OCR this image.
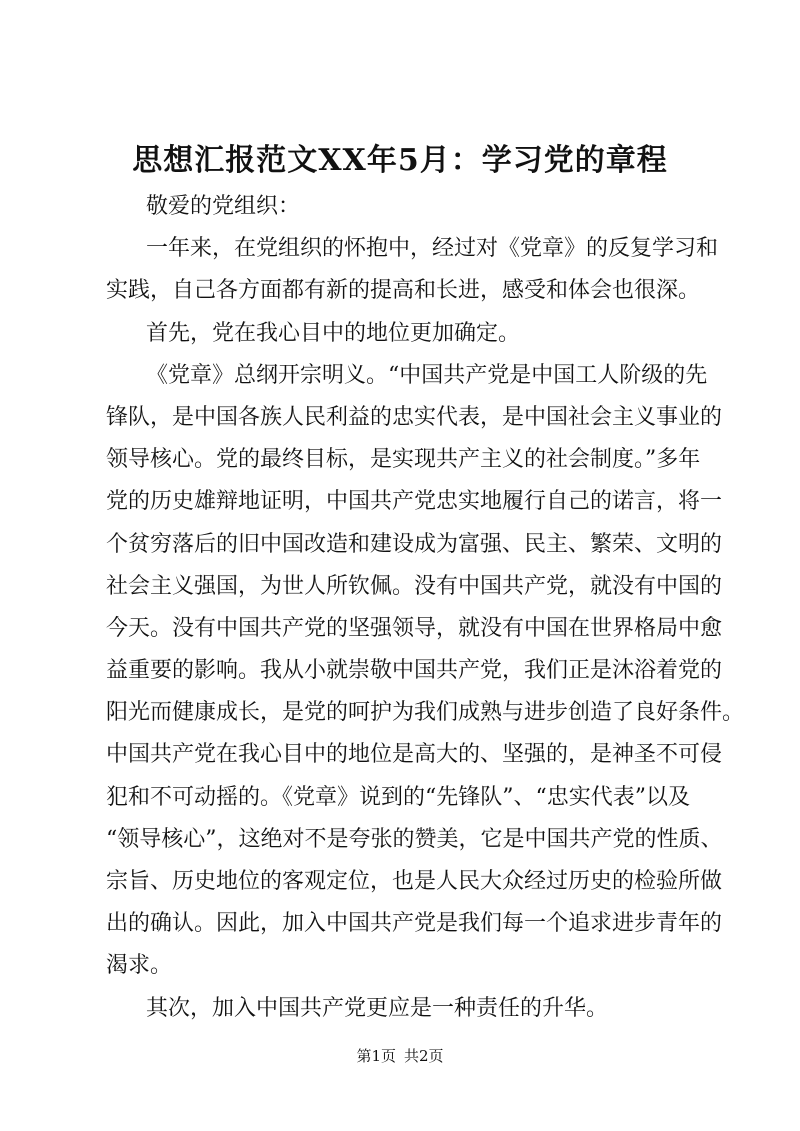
思想汇报范文XX年5月：学习党的章程

敬爱的党组织：

一年来，在党组织的怀抱中，经过对《党章》的反复学习和
实践，自己各方面都有新的提高和长进，感受和体会也很深。

首先，党在我心目中的地位更加确定。

《党章》总纲开宗明义。“中国共产党是中国工人阶级的先
锋队，是中国各族人民利益的忠实代表，是中国社会主义事业的
领导核心。党的最终目标，是实现共产主义的社会制度。”多年
党的历史雄辩地证明，中国共产党忠实地履行自己的诺言，将一
个贫穷落后的旧中国改造和建设成为富强、民主、繁荣、文明的
社会主义强国，为世人所钦佩。没有中国共产党，就没有中国的
今天。没有中国共产党的坚强领导，就没有中国在世界格局中愈
益重要的影响。我从小就崇敬中国共产党，我们正是沐浴着党的
阳光而健康成长，是党的呵护为我们成熟与进步创造了良好条件。
中国共产党在我心目中的地位是高大的、坚强的，是神圣不可侵
犯和不可动摇的。《党章》说到的“先锋队”、“忠实代表”以及
“领导核心”，这绝对不是夸张的赞美，它是中国共产党的性质、
宗旨、历史地位的客观定位，也是人民大众经过历史的检验所做
出的确认。因此，加入中国共产党是我们每一个追求进步青年的
渴求。

其次，加入中国共产党更应是一种责任的升华。

第1页 共2页
